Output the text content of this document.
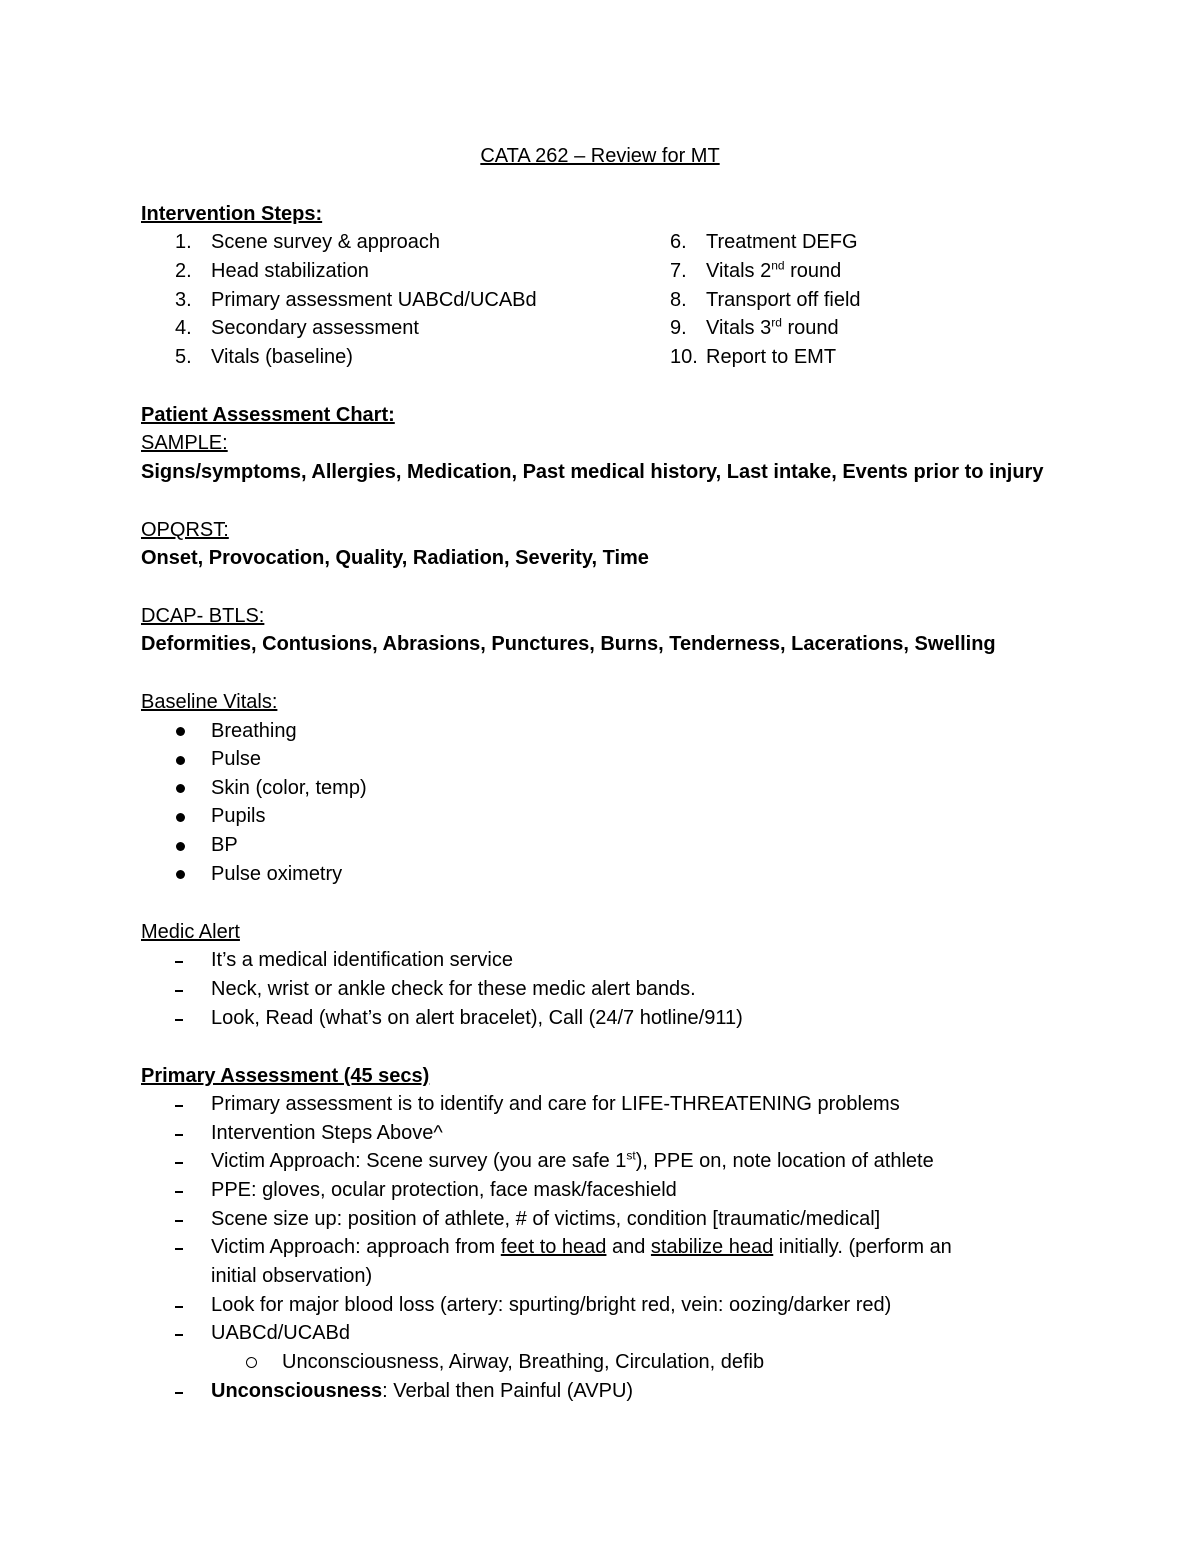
CATA 262 – Review for MT
Intervention Steps:
1. Scene survey & approach
2. Head stabilization
3. Primary assessment UABCd/UCABd
4. Secondary assessment
5. Vitals (baseline)
6. Treatment DEFG
7. Vitals 2nd round
8. Transport off field
9. Vitals 3rd round
10. Report to EMT
Patient Assessment Chart:
SAMPLE:
Signs/symptoms, Allergies, Medication, Past medical history, Last intake, Events prior to injury
OPQRST:
Onset, Provocation, Quality, Radiation, Severity, Time
DCAP- BTLS:
Deformities, Contusions, Abrasions, Punctures, Burns, Tenderness, Lacerations, Swelling
Baseline Vitals:
Breathing
Pulse
Skin (color, temp)
Pupils
BP
Pulse oximetry
Medic Alert
It’s a medical identification service
Neck, wrist or ankle check for these medic alert bands.
Look, Read (what’s on alert bracelet), Call (24/7 hotline/911)
Primary Assessment (45 secs)
Primary assessment is to identify and care for LIFE-THREATENING problems
Intervention Steps Above^
Victim Approach: Scene survey (you are safe 1st), PPE on, note location of athlete
PPE: gloves, ocular protection, face mask/faceshield
Scene size up: position of athlete, # of victims, condition [traumatic/medical]
Victim Approach: approach from feet to head and stabilize head initially. (perform an
initial observation)
Look for major blood loss (artery: spurting/bright red, vein: oozing/darker red)
UABCd/UCABd
Unconsciousness, Airway, Breathing, Circulation, defib
Unconsciousness: Verbal then Painful (AVPU)
